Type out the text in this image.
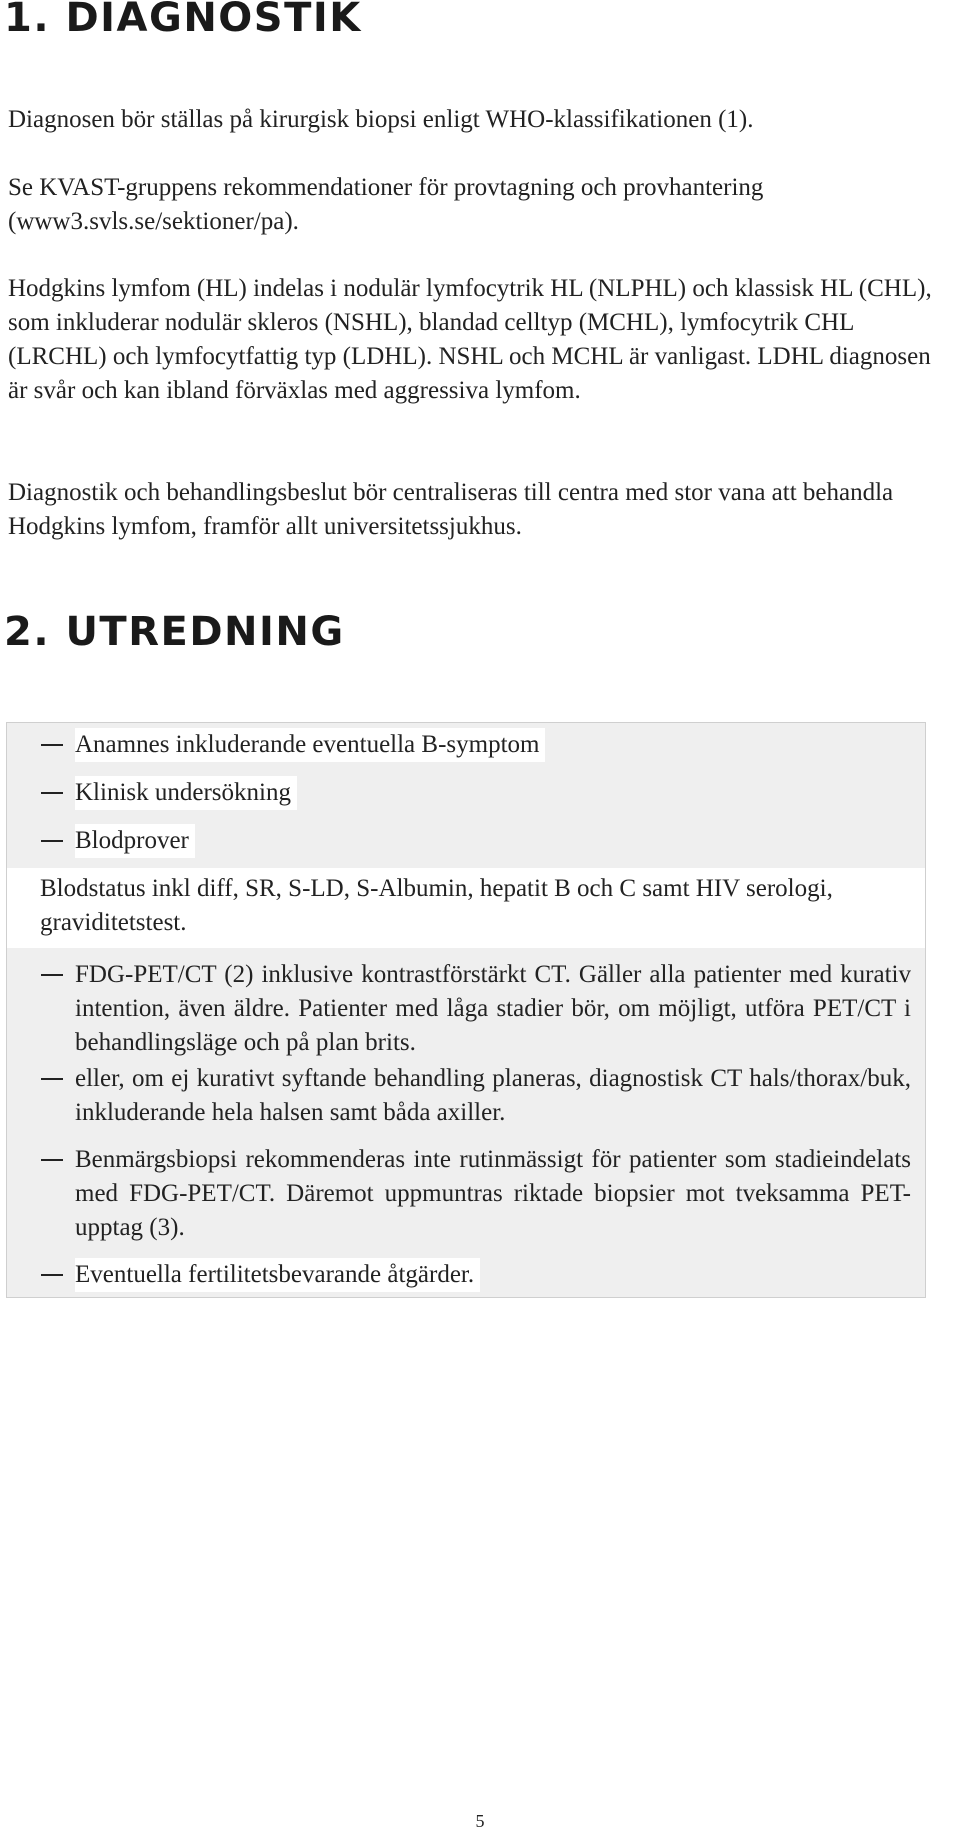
1. DIAGNOSTIK

Diagnosen bör ställas på kirurgisk biopsi enligt WHO-klassifikationen (1).

Se KVAST-gruppens rekommendationer för provtagning och provhantering (www3.svls.se/sektioner/pa).

Hodgkins lymfom (HL) indelas i nodulär lymfocytrik HL (NLPHL) och klassisk HL (CHL), som inkluderar nodulär skleros (NSHL), blandad celltyp (MCHL), lymfocytrik CHL (LRCHL) och lymfocytfattig typ (LDHL). NSHL och MCHL är vanligast. LDHL diagnosen är svår och kan ibland förväxlas med aggressiva lymfom.

Diagnostik och behandlingsbeslut bör centraliseras till centra med stor vana att behandla Hodgkins lymfom, framför allt universitetssjukhus.

2. UTREDNING
Anamnes inkluderande eventuella B-symptom
Klinisk undersökning
Blodprover
Blodstatus inkl diff, SR, S-LD, S-Albumin, hepatit B och C samt HIV serologi, graviditetstest.
FDG-PET/CT (2) inklusive kontrastförstärkt CT. Gäller alla patienter med kurativ intention, även äldre. Patienter med låga stadier bör, om möjligt, utföra PET/CT i behandlingsläge och på plan brits.
eller, om ej kurativt syftande behandling planeras, diagnostisk CT hals/thorax/buk, inkluderande hela halsen samt båda axiller.
Benmärgsbiopsi rekommenderas inte rutinmässigt för patienter som stadieindelats med FDG-PET/CT. Däremot uppmuntras riktade biopsier mot tveksamma PET-upptag (3).
Eventuella fertilitetsbevarande åtgärder.
5
